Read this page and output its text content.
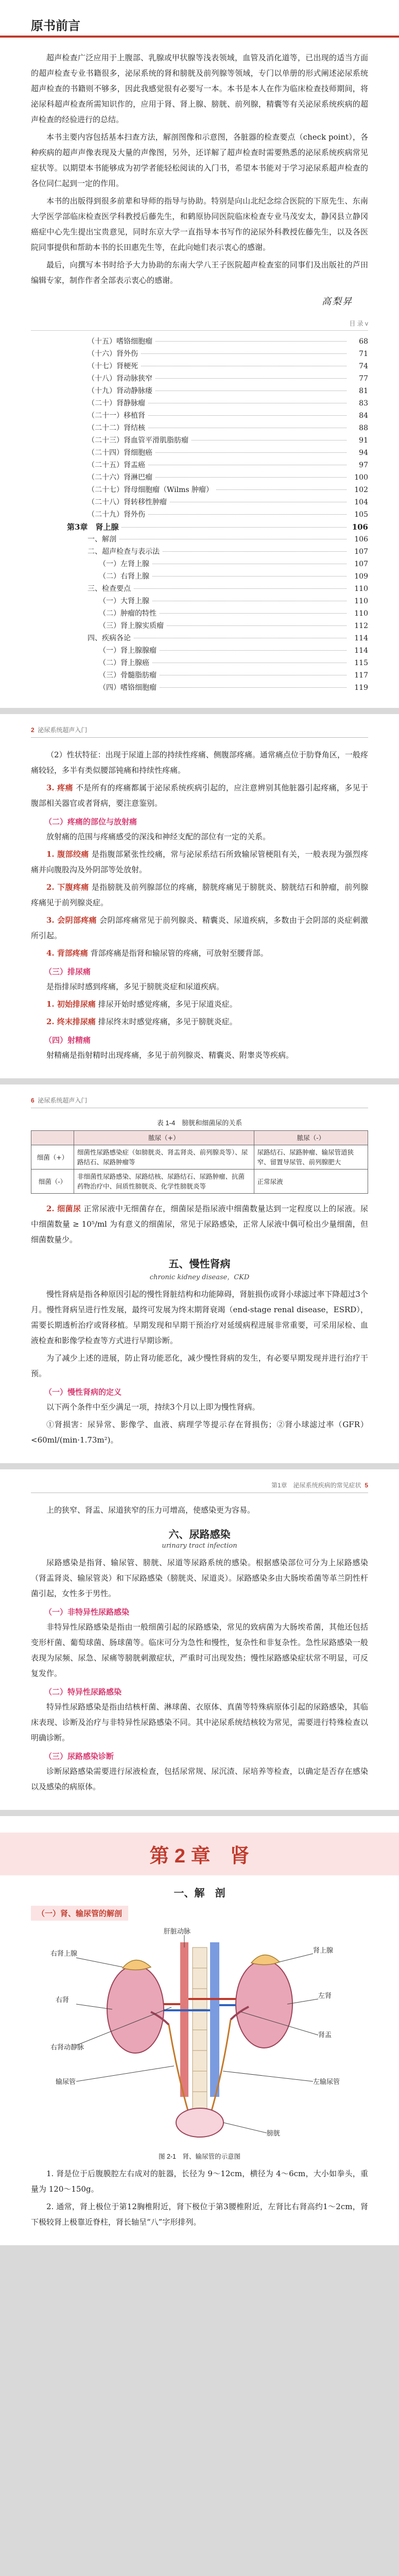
原书前言

超声检查广泛应用于上腹部、乳腺或甲状腺等浅表领域，血管及消化道等，已出现的适当方面的超声检查专业书籍很多，泌尿系统的肾和膀胱及前列腺等领域，专门以单册的形式阐述泌尿系统超声检查的书籍则不够多，因此我感觉很有必要写一本。本书是本人在作为临床检查技师期间，将泌尿科超声检查所需知识作的，应用于肾、肾上腺、膀胱、前列腺，精囊等有关泌尿系统疾病的超声检查的经验进行的总结。

本书主要内容包括基本扫查方法，解剖图像和示意图，各脏器的检查要点（check point），各种疾病的超声声像表现及大量的声像图，另外，还详解了超声检查时需要熟悉的泌尿系统疾病常见症状等。以期望本书能够成为初学者能轻松阅读的入门书，希望本书能对于学习泌尿系超声检查的各位同仁起到一定的作用。

本书的出版得到很多前辈和导师的指导与协助。特别是向山北纪念综合医院的下原先生、东南大学医学部临床检查医学科教授后藤先生，和鹤原协同医院临床检查专业马茂安太，静冈县立静冈癌症中心先生提出宝贵意见，同时东京大学一直指导本书写作的泌尿外科教授佐藤先生，以及各医院同事提供和帮助本书的长田惠先生等，在此向她们表示衷心的感谢。

最后，向撰写本书时给予大力协助的东南大学八王子医院超声检查室的同事们及出版社的芦田编辑专家，制作作者全部表示衷心的感谢。

高梨昇
目 录 v
（十五）嗜铬细胞瘤	68
（十六）肾外伤	71
（十七）肾梗死	74
（十八）肾动脉狭窄	77
（十九）肾动静脉瘘	81
（二十）肾静脉瘤	83
（二十一）移植肾	84
（二十二）肾结核	88
（二十三）肾血管平滑肌脂肪瘤	91
（二十四）肾细胞癌	94
（二十五）肾盂癌	97
（二十六）肾淋巴瘤	100
（二十七）肾母细胞瘤（Wilms 肿瘤）	102
（二十八）肾转移性肿瘤	104
（二十九）肾外伤	105
第3章　肾上腺	106
一、解剖	106
二、超声检查与表示法	107
（一）左肾上腺	107
（二）右肾上腺	109
三、检查要点	110
（一）大肾上腺	110
（二）肿瘤的特性	110
（三）肾上腺实质瘤	112
四、疾病各论	114
（一）肾上腺腺瘤	114
（二）肾上腺癌	115
（三）骨髓脂肪瘤	117
（四）嗜铬细胞瘤	119
2 泌尿系统超声入门

（2）性状特征：出现于尿道上部的持续性疼痛、侧腹部疼痛。通常痛点位于肋脊角区，一般疼痛较轻，多半有类似腰部钝痛和持续性疼痛。

3. 疼痛 不是所有的疼痛都属于泌尿系统疾病引起的，应注意辨别其他脏器引起疼痛，多见于腹部相关器官或者肾病，要注意鉴别。

（二）疼痛的部位与放射痛

放射痛的范围与疼痛感受的深浅和神经支配的部位有一定的关系。

1. 腹部绞痛 是指腹部紧张性绞痛，常与泌尿系结石所致输尿管梗阻有关，一般表现为强烈疼痛并向腹股沟及外阴部等处放射。

2. 下腹疼痛 是指膀胱及前列腺部位的疼痛，膀胱疼痛见于膀胱炎、膀胱结石和肿瘤，前列腺疼痛见于前列腺炎症。

3. 会阴部疼痛 会阴部疼痛常见于前列腺炎、精囊炎、尿道疾病，多数由于会阴部的炎症刺激所引起。

4. 背部疼痛 背部疼痛是指肾和输尿管的疼痛，可放射至腰背部。

（三）排尿痛

是指排尿时感到疼痛，多见于膀胱炎症和尿道疾病。

1. 初始排尿痛 排尿开始时感觉疼痛，多见于尿道炎症。

2. 终末排尿痛 排尿终末时感觉疼痛，多见于膀胱炎症。

（四）射精痛

射精痛是指射精时出现疼痛，多见于前列腺炎、精囊炎、附睾炎等疾病。

6 泌尿系统超声入门
表 1-4　膀胱和细菌尿的关系
	脓尿（+）	脓尿（-）
细菌（+）	细菌性尿路感染症（如膀胱炎、肾盂肾炎、前列腺炎等）、尿路结石、尿路肿瘤等	尿路结石、尿路肿瘤、输尿管道狭窄、留置导尿管、前列腺肥大
细菌（-）	非细菌性尿路感染、尿路结核、尿路结石、尿路肿瘤、抗菌药物治疗中、间质性膀胱炎、化学性膀胱炎等	正常尿液

2. 细菌尿 正常尿液中无细菌存在，细菌尿是指尿液中细菌数量达到一定程度以上的尿液。尿中细菌数量 ≥ 10⁵/ml 为有意义的细菌尿，常见于尿路感染，正常人尿液中偶可检出少量细菌，但细菌数量少。

五、慢性肾病
chronic kidney disease，CKD

慢性肾病是指各种原因引起的慢性肾脏结构和功能障碍，肾脏损伤或肾小球滤过率下降超过3个月。慢性肾病呈进行性发展，最终可发展为终末期肾衰竭（end-stage renal disease，ESRD），需要长期透析治疗或肾移植。早期发现和早期干预治疗对延缓病程进展非常重要，可采用尿检、血液检查和影像学检查等方式进行早期诊断。

为了减少上述的进展，防止肾功能恶化，减少慢性肾病的发生，有必要早期发现并进行治疗干预。

（一）慢性肾病的定义

以下两个条件中至少满足一项，持续3个月以上即为慢性肾病。

①肾损害：尿异常、影像学、血液、病理学等提示存在肾损伤；②肾小球滤过率（GFR）<60ml/(min·1.73m²)。

第1章　泌尿系统疾病的常见症状 5

上的狭窄、肾盂、尿道狭窄的压力可增高，使感染更为容易。

六、尿路感染
urinary tract infection

尿路感染是指肾、输尿管、膀胱、尿道等尿路系统的感染。根据感染部位可分为上尿路感染（肾盂肾炎、输尿管炎）和下尿路感染（膀胱炎、尿道炎）。尿路感染多由大肠埃希菌等革兰阴性杆菌引起，女性多于男性。

（一）非特异性尿路感染

非特异性尿路感染是指由一般细菌引起的尿路感染，常见的致病菌为大肠埃希菌，其他还包括变形杆菌、葡萄球菌、肠球菌等。临床可分为急性和慢性，复杂性和非复杂性。急性尿路感染一般表现为尿频、尿急、尿痛等膀胱刺激症状，严重时可出现发热；慢性尿路感染症状常不明显，可反复发作。

（二）特异性尿路感染

特异性尿路感染是指由结核杆菌、淋球菌、衣原体、真菌等特殊病原体引起的尿路感染，其临床表现、诊断及治疗与非特异性尿路感染不同。其中泌尿系统结核较为常见，需要进行特殊检查以明确诊断。

（三）尿路感染诊断

诊断尿路感染需要进行尿液检查，包括尿常规、尿沉渣、尿培养等检查，以确定是否存在感染以及感染的病原体。

第 2 章　肾
一、解　剖
（一）肾、输尿管的解剖
右肾上腺
右肾
右肾动静脉
输尿管
肾上腺
左肾
肾盂
左输尿管
肝脏动脉
膀胱
图 2-1　肾、输尿管的示意图

1. 肾是位于后腹膜腔左右成对的脏器，长径为 9～12cm，横径为 4～6cm，大小如拳头，重量为 120～150g。

2. 通常，肾上极位于第12胸椎附近，肾下极位于第3腰椎附近，左肾比右肾高约1～2cm，肾下极较肾上极靠近脊柱，肾长轴呈“八”字形排列。
